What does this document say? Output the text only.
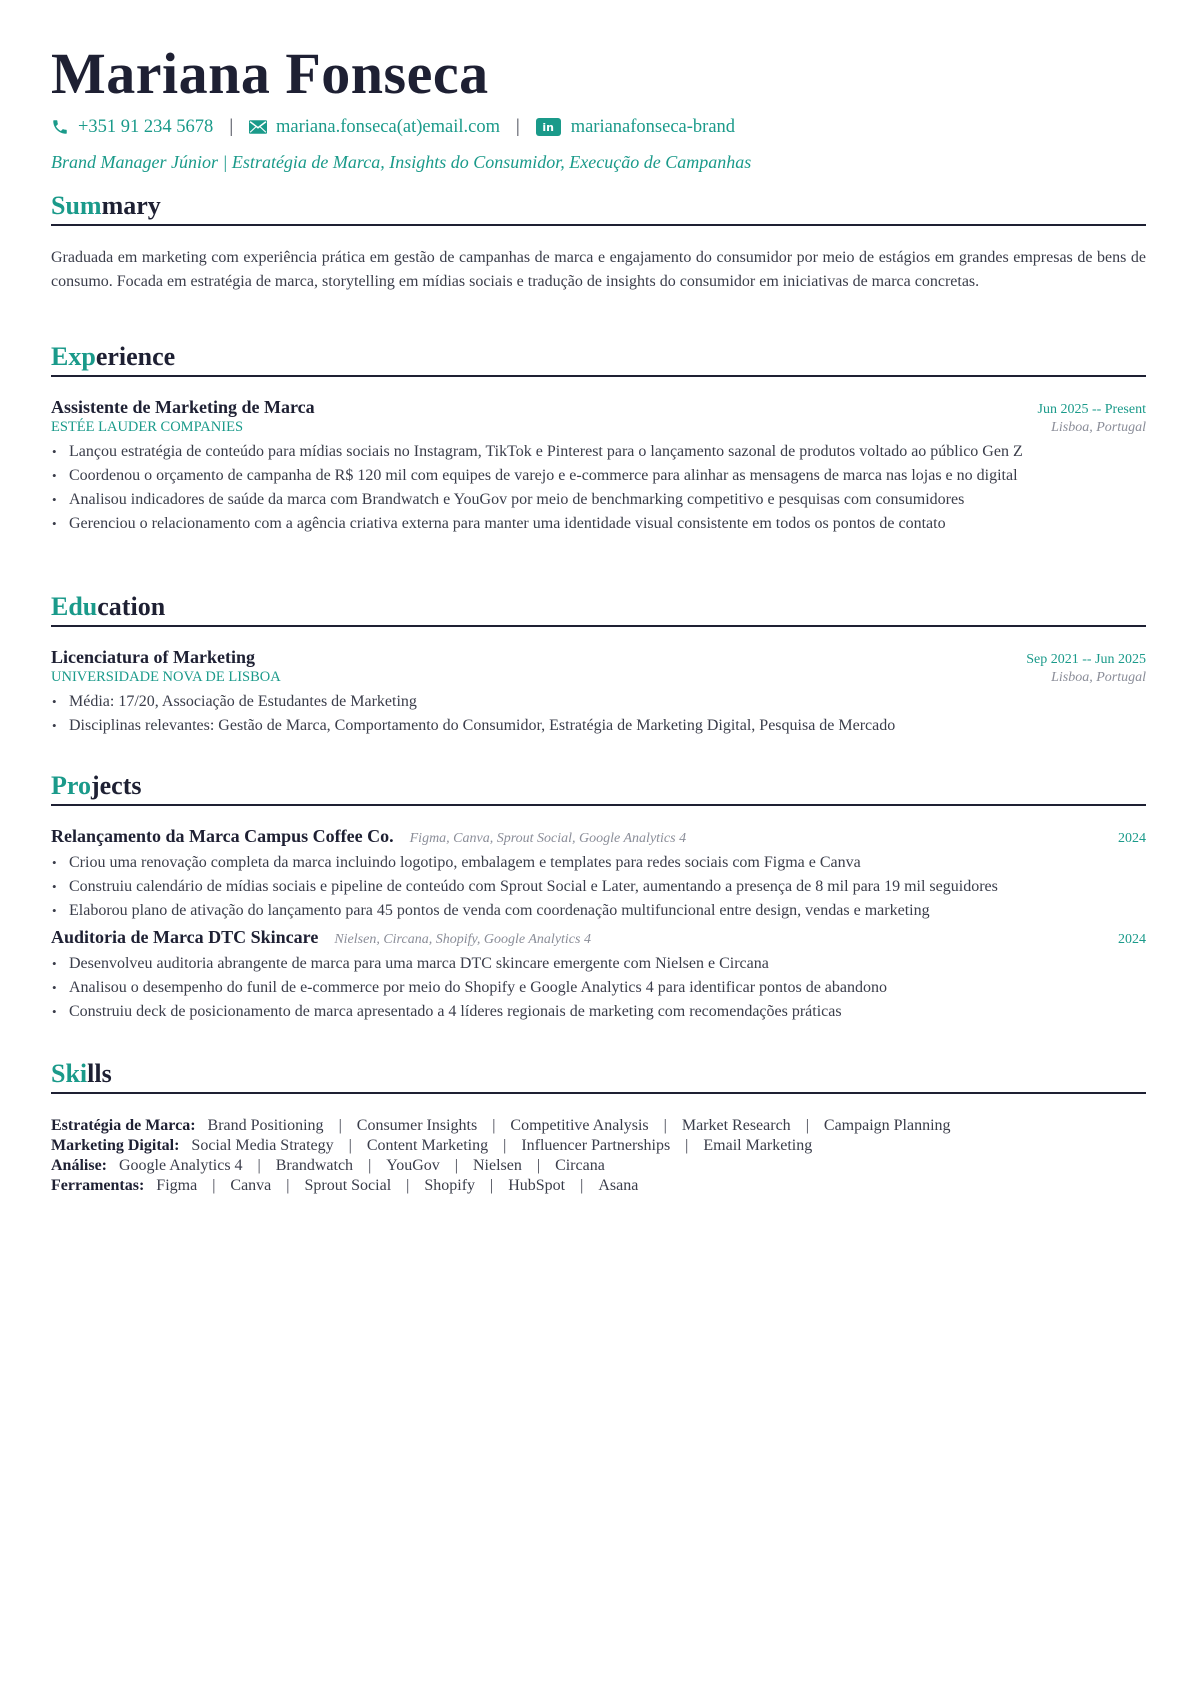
Mariana Fonseca
+351 91 234 5678 | mariana.fonseca(at)email.com |	in marianafonseca-brand
Brand Manager Júnior | Estratégia de Marca, Insights do Consumidor, Execução de Campanhas
Summary

Graduada em marketing com experiência prática em gestão de campanhas de marca e engajamento do consumidor por meio de estágios em grandes empresas de bens de consumo. Focada em estratégia de marca, storytelling em mídias sociais e tradução de insights do consumidor em iniciativas de marca concretas.

Experience
Assistente de Marketing de Marca	Jun 2025 -- Present
ESTÉE LAUDER COMPANIES	Lisboa, Portugal
• Lançou estratégia de conteúdo para mídias sociais no Instagram, TikTok e Pinterest para o lançamento sazonal de produtos voltado ao público Gen Z
• Coordenou o orçamento de campanha de R$ 120 mil com equipes de varejo e e-commerce para alinhar as mensagens de marca nas lojas e no digital
• Analisou indicadores de saúde da marca com Brandwatch e YouGov por meio de benchmarking competitivo e pesquisas com consumidores
• Gerenciou o relacionamento com a agência criativa externa para manter uma identidade visual consistente em todos os pontos de contato
Education
Licenciatura of Marketing	Sep 2021 -- Jun 2025
UNIVERSIDADE NOVA DE LISBOA	Lisboa, Portugal
• Média: 17/20, Associação de Estudantes de Marketing
• Disciplinas relevantes: Gestão de Marca, Comportamento do Consumidor, Estratégia de Marketing Digital, Pesquisa de Mercado
Projects
Relançamento da Marca Campus Coffee Co. Figma, Canva, Sprout Social, Google Analytics 4	2024
• Criou uma renovação completa da marca incluindo logotipo, embalagem e templates para redes sociais com Figma e Canva
• Construiu calendário de mídias sociais e pipeline de conteúdo com Sprout Social e Later, aumentando a presença de 8 mil para 19 mil seguidores
• Elaborou plano de ativação do lançamento para 45 pontos de venda com coordenação multifuncional entre design, vendas e marketing
Auditoria de Marca DTC Skincare Nielsen, Circana, Shopify, Google Analytics 4	2024
• Desenvolveu auditoria abrangente de marca para uma marca DTC skincare emergente com Nielsen e Circana
• Analisou o desempenho do funil de e-commerce por meio do Shopify e Google Analytics 4 para identificar pontos de abandono
• Construiu deck de posicionamento de marca apresentado a 4 líderes regionais de marketing com recomendações práticas
Skills
Estratégia de Marca: Brand Positioning | Consumer Insights | Competitive Analysis | Market Research | Campaign Planning
Marketing Digital: Social Media Strategy | Content Marketing | Influencer Partnerships | Email Marketing
Análise: Google Analytics 4 | Brandwatch | YouGov | Nielsen | Circana
Ferramentas: Figma | Canva | Sprout Social | Shopify | HubSpot | Asana
